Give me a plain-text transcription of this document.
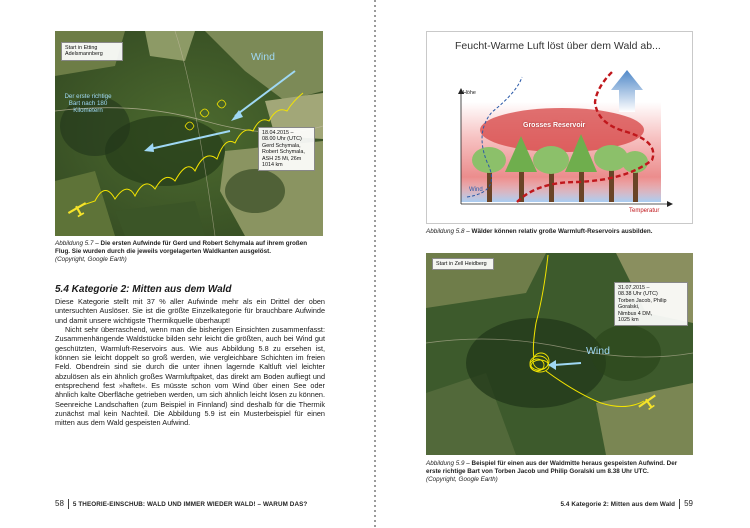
Start in Etting Adelsmannberg	Wind
Der erste richtige Bart nach 180 Kilometern
18.04.2015 –
08.00 Uhr (UTC)
Gerd Schymala,
Robert Schymala,
ASH 25 Mi, 26m
1014 km
Abbildung 5.7 – Die ersten Aufwinde für Gerd und Robert Schymala auf ihrem großen Flug. Sie wurden durch die jeweils vorgelagerten Waldkanten ausgelöst.
(Copyright, Google Earth)
5.4 Kategorie 2: Mitten aus dem Wald

Diese Kategorie stellt mit 37 % aller Aufwinde mehr als ein Drittel der oben untersuchten Auslöser. Sie ist die größte Einzelkategorie für brauchbare Aufwinde und damit unsere wichtigste Thermikquelle überhaupt!

Nicht sehr überraschend, wenn man die bisherigen Einsichten zusammenfasst: Zusammenhängende Waldstücke bilden sehr leicht die größten, auch bei Wind gut geschützten, Warmluft-Reservoirs aus. Wie aus Abbildung 5.8 zu ersehen ist, können sie leicht doppelt so groß werden, wie vergleichbare Schichten im freien Feld. Obendrein sind sie durch die unter ihnen lagernde Kaltluft viel leichter abzulösen als ein ähnlich großes Warmluftpaket, das direkt am Boden aufliegt und entsprechend fest »haftet«. Es müsste schon vom Wind über einen See oder ähnlich kalte Oberfläche getrieben werden, um sich ähnlich leicht lösen zu können. Seenreiche Landschaften (zum Beispiel in Finnland) sind deshalb für die Thermik zunächst mal kein Nachteil. Die Abbildung 5.9 ist ein Musterbeispiel für einen mitten aus dem Wald gespeisten Aufwind.

58 5 THEORIE-EINSCHUB: WALD UND IMMER WIEDER WALD! – WARUM DAS?
Feucht-Warme Luft löst über dem Wald ab...
Höhe
Temperatur
Wind
Grosses Reservoir
Abbildung 5.8 – Wälder können relativ große Warmluft-Reservoirs ausbilden.
Start in Zell Heidberg
Wind
31.07.2015 –
08.38 Uhr (UTC)
Torben Jacob, Philip Goralski,
Nimbus 4 DM,
1025 km
Abbildung 5.9 – Beispiel für einen aus der Waldmitte heraus gespeisten Aufwind. Der erste richtige Bart von Torben Jacob und Philip Goralski um 8.38 Uhr UTC.
(Copyright, Google Earth)
5.4 Kategorie 2: Mitten aus dem Wald 59
